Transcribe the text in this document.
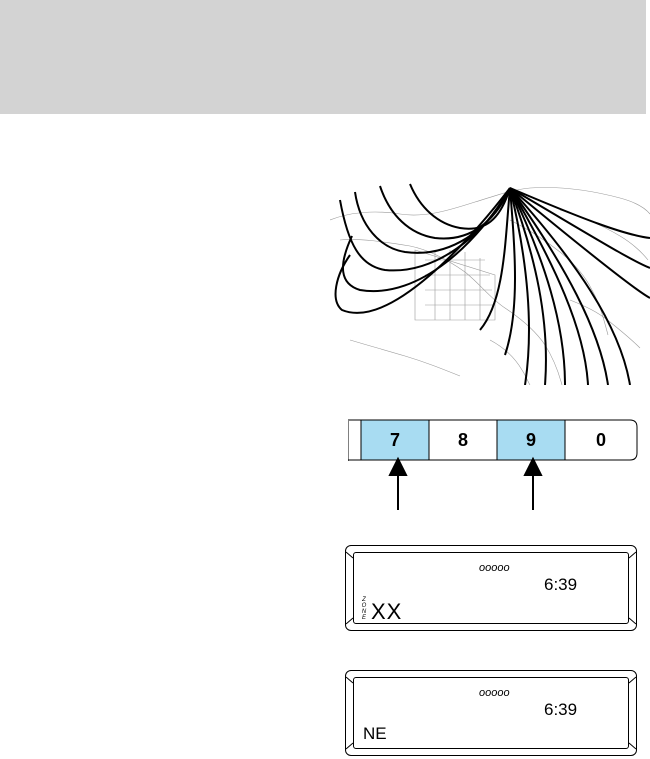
7	8	9	0
ooooo
6:39
Z
O
N
E XX
ooooo
6:39
NE
